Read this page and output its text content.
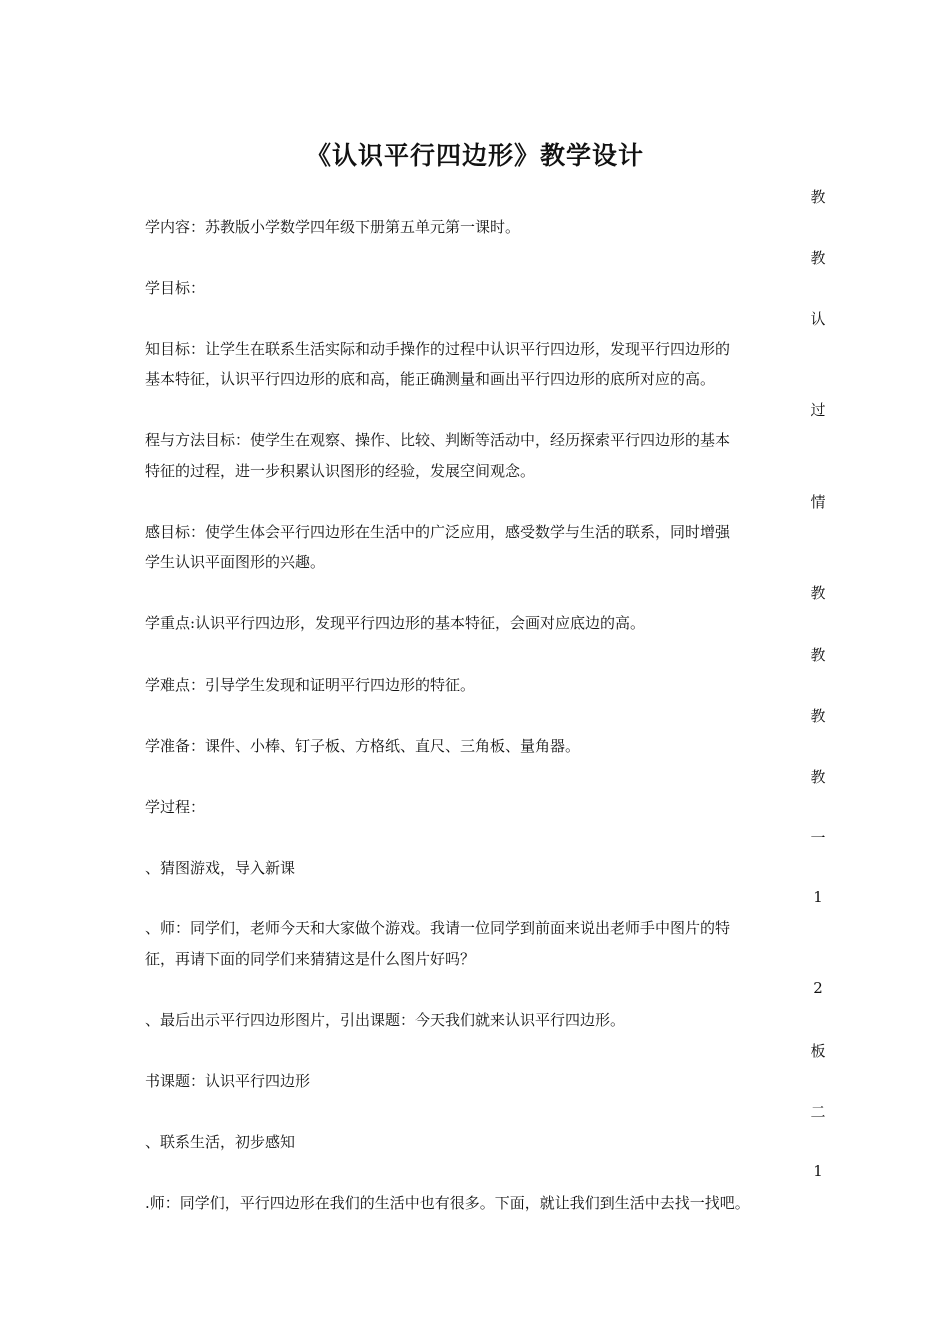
《认识平行四边形》教学设计
教
学内容：苏教版小学数学四年级下册第五单元第一课时。
教
学目标：
认
知目标：让学生在联系生活实际和动手操作的过程中认识平行四边形，发现平行四边形的
基本特征，认识平行四边形的底和高，能正确测量和画出平行四边形的底所对应的高。
过
程与方法目标：使学生在观察、操作、比较、判断等活动中，经历探索平行四边形的基本
特征的过程，进一步积累认识图形的经验，发展空间观念。
情
感目标：使学生体会平行四边形在生活中的广泛应用，感受数学与生活的联系，同时增强
学生认识平面图形的兴趣。
教
学重点:认识平行四边形，发现平行四边形的基本特征，会画对应底边的高。
教
学难点：引导学生发现和证明平行四边形的特征。
教
学准备：课件、小棒、钉子板、方格纸、直尺、三角板、量角器。
教
学过程：
一
、猜图游戏，导入新课
1
、师：同学们，老师今天和大家做个游戏。我请一位同学到前面来说出老师手中图片的特
征，再请下面的同学们来猜猜这是什么图片好吗？
2
、最后出示平行四边形图片，引出课题：今天我们就来认识平行四边形。
板
书课题：认识平行四边形
二
、联系生活，初步感知
1
.师：同学们，平行四边形在我们的生活中也有很多。下面，就让我们到生活中去找一找吧。
